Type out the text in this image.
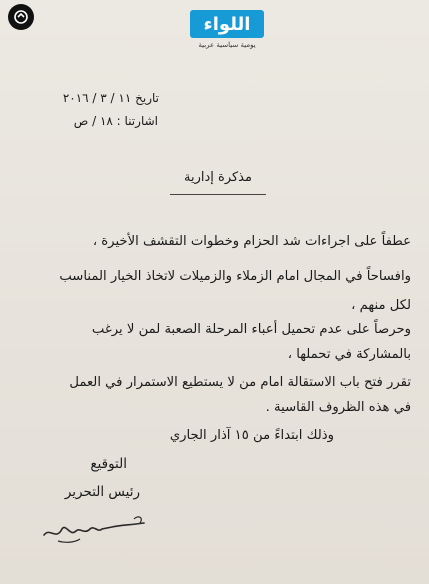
اللواء
يومية سياسية عربية
تاريخ ١١ / ٣ / ٢٠١٦
اشارتنا : ١٨ / ص
مذكرة إدارية
عطفاً على اجراءات شد الحزام وخطوات التقشف الأخيرة ،
وافساحاً في المجال امام الزملاء والزميلات لاتخاذ الخيار المناسب
لكل منهم ،
وحرصاً على عدم تحميل أعباء المرحلة الصعبة لمن لا يرغب
بالمشاركة في تحملها ،
تقرر فتح باب الاستقالة امام من لا يستطيع الاستمرار في العمل
في هذه الظروف القاسية .
وذلك ابتداءً من ١٥ آذار الجاري
التوقيع
رئيس التحرير
